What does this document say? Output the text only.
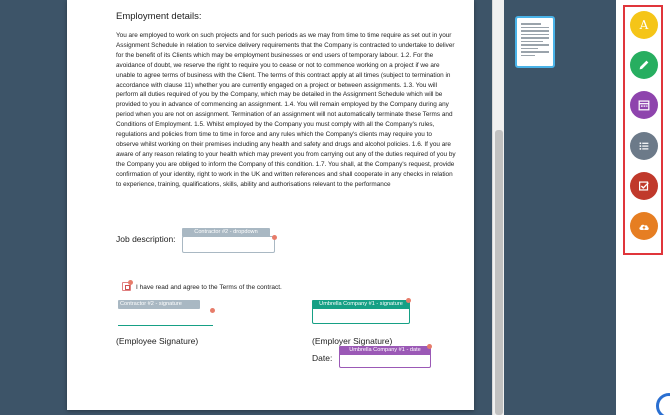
Employment details:
You are employed to work on such projects and for such periods as we may from time to time require as set out in your Assignment Schedule in relation to service delivery requirements that the Company is contracted to undertake to deliver for the benefit of its Clients which may be employment businesses or end users of temporary labour. 1.2. For the avoidance of doubt, we reserve the right to require you to cease or not to commence working on a project if we are unable to agree terms of business with the Client. The terms of this contract apply at all times (subject to termination in accordance with clause 11) whether you are currently engaged on a project or between assignments. 1.3. You will perform all duties required of you by the Company, which may be detailed in the Assignment Schedule which will be provided to you in advance of commencing an assignment. 1.4. You will remain employed by the Company during any period when you are not on assignment. Termination of an assignment will not automatically terminate these Terms and Conditions of Employment. 1.5. Whilst employed by the Company you must comply with all the Company's rules, regulations and policies from time to time in force and any rules which the Company's clients may require you to observe whilst working on their premises including any health and safety and drugs and alcohol policies. 1.6. If you are aware of any reason relating to your health which may prevent you from carrying out any of the duties required of you by the Company you are obliged to inform the Company of this condition. 1.7. You shall, at the Company's request, provide confirmation of your identity, right to work in the UK and written references and shall cooperate in any checks in relation to experience, training, qualifications, skills, ability and authorisations relevant to the performance
Job description:
Contractor #2 - dropdown
I have read and agree to the Terms of the contract.
Contractor #2 - signature	Umbrella Company #1 - signature
(Employee Signature)	(Employer Signature)
Date:
Umbrella Company #1 - date
A
